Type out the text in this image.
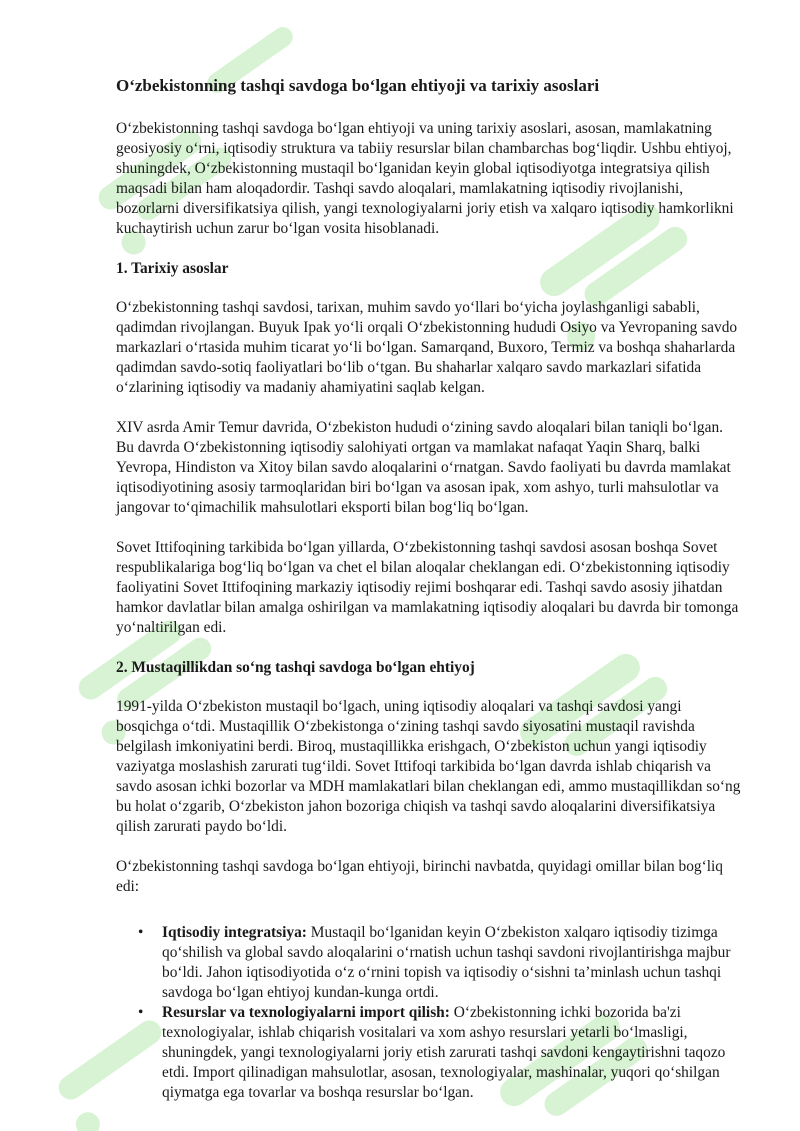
O‘zbekistonning tashqi savdoga bo‘lgan ehtiyoji va tarixiy asoslari

O‘zbekistonning tashqi savdoga bo‘lgan ehtiyoji va uning tarixiy asoslari, asosan, mamlakatning geosiyosiy o‘rni, iqtisodiy struktura va tabiiy resurslar bilan chambarchas bog‘liqdir. Ushbu ehtiyoj, shuningdek, O‘zbekistonning mustaqil bo‘lganidan keyin global iqtisodiyotga integratsiya qilish maqsadi bilan ham aloqadordir. Tashqi savdo aloqalari, mamlakatning iqtisodiy rivojlanishi, bozorlarni diversifikatsiya qilish, yangi texnologiyalarni joriy etish va xalqaro iqtisodiy hamkorlikni kuchaytirish uchun zarur bo‘lgan vosita hisoblanadi.

1. Tarixiy asoslar

O‘zbekistonning tashqi savdosi, tarixan, muhim savdo yo‘llari bo‘yicha joylashganligi sababli, qadimdan rivojlangan. Buyuk Ipak yo‘li orqali O‘zbekistonning hududi Osiyo va Yevropaning savdo markazlari o‘rtasida muhim ticarat yo‘li bo‘lgan. Samarqand, Buxoro, Termiz va boshqa shaharlarda qadimdan savdo-sotiq faoliyatlari bo‘lib o‘tgan. Bu shaharlar xalqaro savdo markazlari sifatida o‘zlarining iqtisodiy va madaniy ahamiyatini saqlab kelgan.

XIV asrda Amir Temur davrida, O‘zbekiston hududi o‘zining savdo aloqalari bilan taniqli bo‘lgan. Bu davrda O‘zbekistonning iqtisodiy salohiyati ortgan va mamlakat nafaqat Yaqin Sharq, balki Yevropa, Hindiston va Xitoy bilan savdo aloqalarini o‘rnatgan. Savdo faoliyati bu davrda mamlakat iqtisodiyotining asosiy tarmoqlaridan biri bo‘lgan va asosan ipak, xom ashyo, turli mahsulotlar va jangovar to‘qimachilik mahsulotlari eksporti bilan bog‘liq bo‘lgan.

Sovet Ittifoqining tarkibida bo‘lgan yillarda, O‘zbekistonning tashqi savdosi asosan boshqa Sovet respublikalariga bog‘liq bo‘lgan va chet el bilan aloqalar cheklangan edi. O‘zbekistonning iqtisodiy faoliyatini Sovet Ittifoqining markaziy iqtisodiy rejimi boshqarar edi. Tashqi savdo asosiy jihatdan hamkor davlatlar bilan amalga oshirilgan va mamlakatning iqtisodiy aloqalari bu davrda bir tomonga yo‘naltirilgan edi.

2. Mustaqillikdan so‘ng tashqi savdoga bo‘lgan ehtiyoj

1991-yilda O‘zbekiston mustaqil bo‘lgach, uning iqtisodiy aloqalari va tashqi savdosi yangi bosqichga o‘tdi. Mustaqillik O‘zbekistonga o‘zining tashqi savdo siyosatini mustaqil ravishda belgilash imkoniyatini berdi. Biroq, mustaqillikka erishgach, O‘zbekiston uchun yangi iqtisodiy vaziyatga moslashish zarurati tug‘ildi. Sovet Ittifoqi tarkibida bo‘lgan davrda ishlab chiqarish va savdo asosan ichki bozorlar va MDH mamlakatlari bilan cheklangan edi, ammo mustaqillikdan so‘ng bu holat o‘zgarib, O‘zbekiston jahon bozoriga chiqish va tashqi savdo aloqalarini diversifikatsiya qilish zarurati paydo bo‘ldi.

O‘zbekistonning tashqi savdoga bo‘lgan ehtiyoji, birinchi navbatda, quyidagi omillar bilan bog‘liq edi:

• Iqtisodiy integratsiya: Mustaqil bo‘lganidan keyin O‘zbekiston xalqaro iqtisodiy tizimga qo‘shilish va global savdo aloqalarini o‘rnatish uchun tashqi savdoni rivojlantirishga majbur bo‘ldi. Jahon iqtisodiyotida o‘z o‘rnini topish va iqtisodiy o‘sishni ta’minlash uchun tashqi savdoga bo‘lgan ehtiyoj kundan-kunga ortdi.
• Resurslar va texnologiyalarni import qilish: O‘zbekistonning ichki bozorida ba'zi texnologiyalar, ishlab chiqarish vositalari va xom ashyo resurslari yetarli bo‘lmasligi, shuningdek, yangi texnologiyalarni joriy etish zarurati tashqi savdoni kengaytirishni taqozo etdi. Import qilinadigan mahsulotlar, asosan, texnologiyalar, mashinalar, yuqori qo‘shilgan qiymatga ega tovarlar va boshqa resurslar bo‘lgan.
